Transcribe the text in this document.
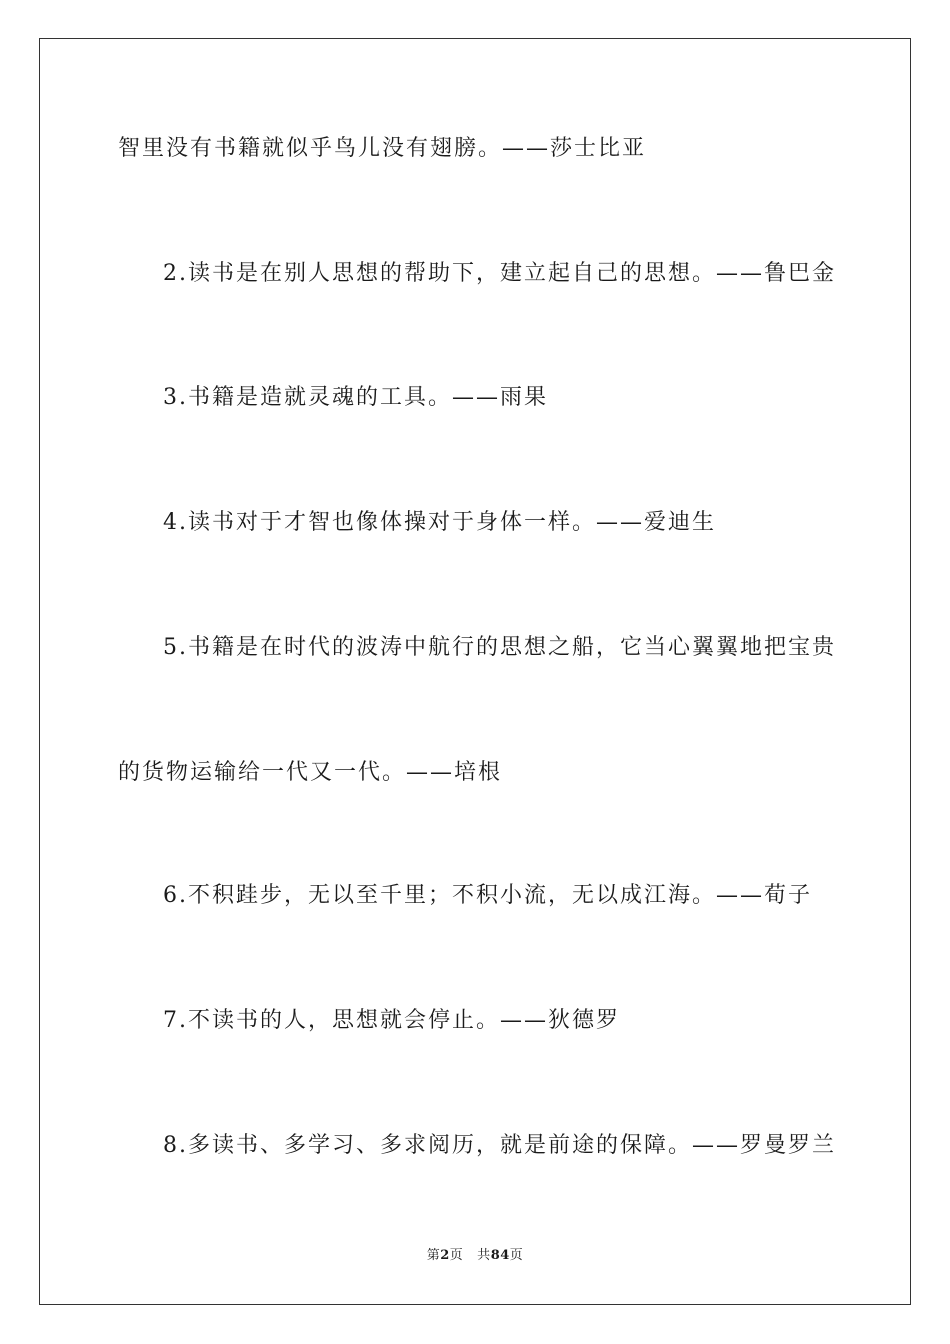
智里没有书籍就似乎鸟儿没有翅膀。——莎士比亚
2.读书是在别人思想的帮助下，建立起自己的思想。——鲁巴金
3.书籍是造就灵魂的工具。——雨果
4.读书对于才智也像体操对于身体一样。——爱迪生
5.书籍是在时代的波涛中航行的思想之船，它当心翼翼地把宝贵
的货物运输给一代又一代。——培根
6.不积跬步，无以至千里；不积小流，无以成江海。——荀子
7.不读书的人，思想就会停止。——狄德罗
8.多读书、多学习、多求阅历，就是前途的保障。——罗曼罗兰
第2页 共84页
